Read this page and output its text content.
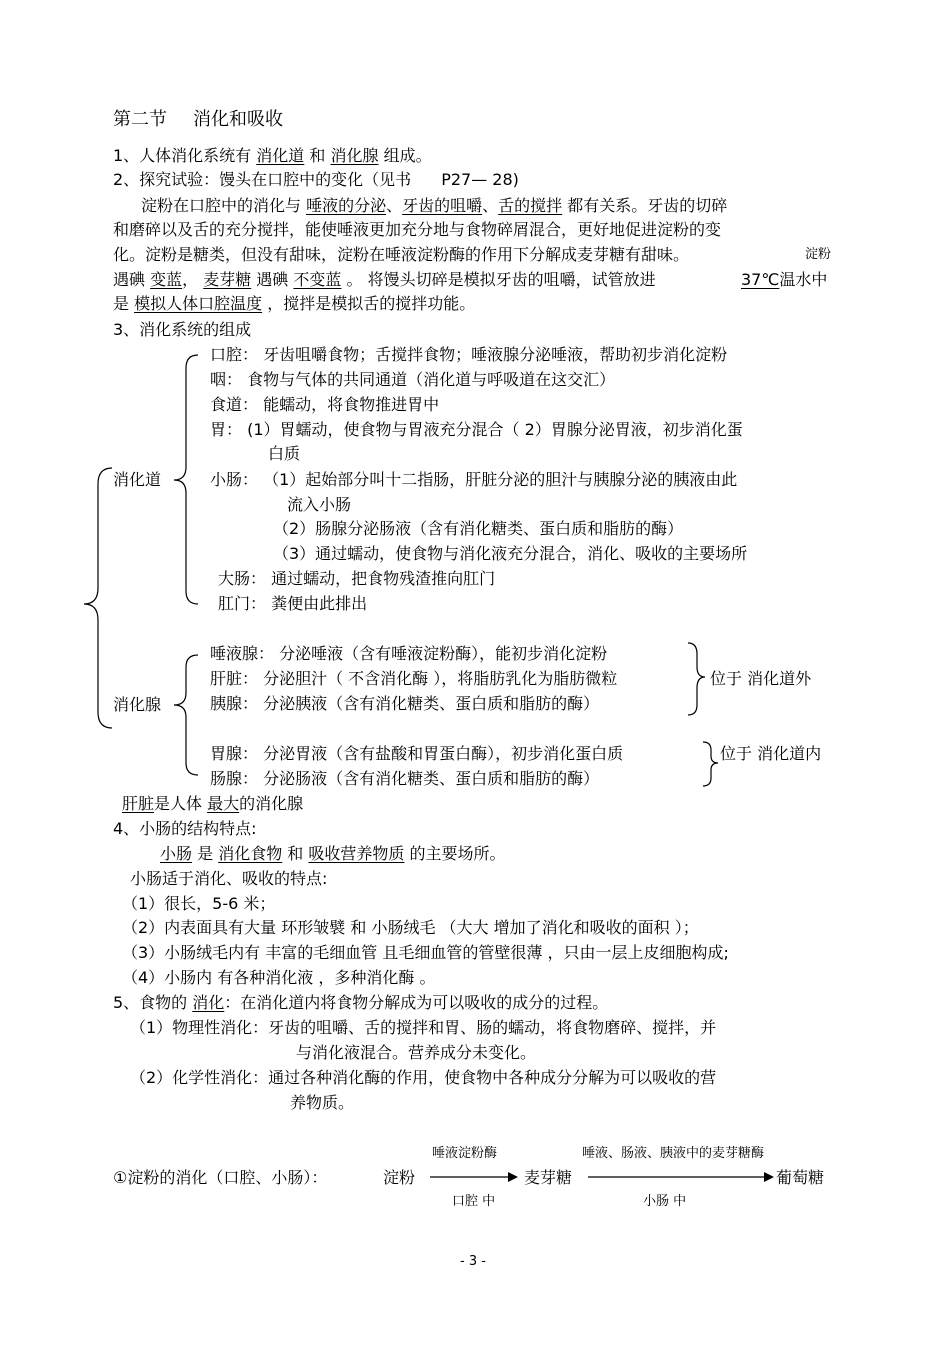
第二节 消化和吸收
1、人体消化系统有 消化道 和 消化腺 组成。
2、探究试验：馒头在口腔中的变化（见书 P27— 28)
淀粉在口腔中的消化与 唾液的分泌、牙齿的咀嚼、舌的搅拌 都有关系。牙齿的切碎
和磨碎以及舌的充分搅拌，能使唾液更加充分地与食物碎屑混合，更好地促进淀粉的变
化。淀粉是糖类，但没有甜味，淀粉在唾液淀粉酶的作用下分解成麦芽糖有甜味。	淀粉
遇碘 变蓝， 麦芽糖 遇碘 不变蓝 。 将馒头切碎是模拟牙齿的咀嚼，试管放进	37℃温水中
是 模拟人体口腔温度 ，搅拌是模拟舌的搅拌功能。
3、消化系统的组成
消化道
口腔： 牙齿咀嚼食物；舌搅拌食物；唾液腺分泌唾液，帮助初步消化淀粉
咽： 食物与气体的共同通道（消化道与呼吸道在这交汇）
食道： 能蠕动，将食物推进胃中
胃： (1）胃蠕动，使食物与胃液充分混合（ 2）胃腺分泌胃液，初步消化蛋
白质
小肠： （1）起始部分叫十二指肠，肝脏分泌的胆汁与胰腺分泌的胰液由此
流入小肠
（2）肠腺分泌肠液（含有消化糖类、蛋白质和脂肪的酶）
（3）通过蠕动，使食物与消化液充分混合，消化、吸收的主要场所
大肠： 通过蠕动，把食物残渣推向肛门
肛门： 粪便由此排出
消化腺
唾液腺： 分泌唾液（含有唾液淀粉酶），能初步消化淀粉
肝脏： 分泌胆汁（ 不含消化酶 ），将脂肪乳化为脂肪微粒
胰腺： 分泌胰液（含有消化糖类、蛋白质和脂肪的酶）
位于 消化道外
胃腺： 分泌胃液（含有盐酸和胃蛋白酶），初步消化蛋白质
肠腺： 分泌肠液（含有消化糖类、蛋白质和脂肪的酶）
位于 消化道内
肝脏是人体 最大的消化腺
4、小肠的结构特点:
小肠 是 消化食物 和 吸收营养物质 的主要场所。
小肠适于消化、吸收的特点:
（1）很长，5-6 米；
（2）内表面具有大量 环形皱襞 和 小肠绒毛 （大大 增加了消化和吸收的面积 ）；
（3）小肠绒毛内有 丰富的毛细血管 且毛细血管的管壁很薄 ，只由一层上皮细胞构成;
（4）小肠内 有各种消化液 ，多种消化酶 。
5、食物的 消化：在消化道内将食物分解成为可以吸收的成分的过程。
（1）物理性消化：牙齿的咀嚼、舌的搅拌和胃、肠的蠕动，将食物磨碎、搅拌，并
与消化液混合。营养成分未变化。
（2）化学性消化：通过各种消化酶的作用，使食物中各种成分分解为可以吸收的营
养物质。
唾液淀粉酶	唾液、肠液、胰液中的麦芽糖酶
①淀粉的消化（口腔、小肠）：	淀粉	麦芽糖	葡萄糖
口腔 中	小肠 中
- 3 -
